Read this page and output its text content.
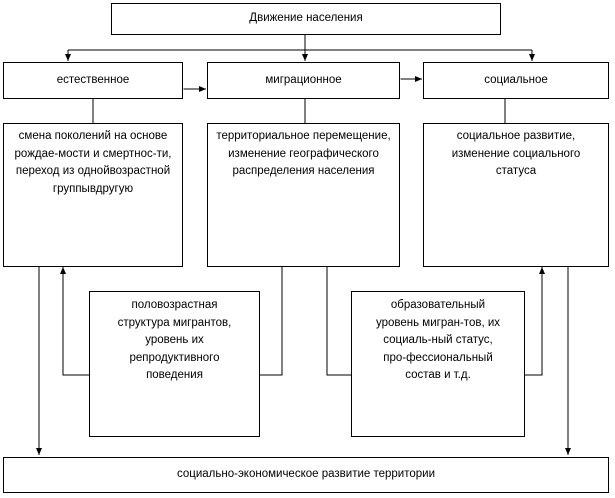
Движение населения
естественное	миграционное	социальное
смена поколений на основе рождае-мости и смертнос-ти, переход из однойвозрастной группывдругую
территориальное перемещение, изменение географического распределения населения
социальное развитие, изменение социального статуса
половозрастная структура мигрантов, уровень их репродуктивного поведения
образовательный уровень мигран-тов, их социаль-ный статус, про-фессиональный состав и т.д.
социально-экономическое развитие территории
